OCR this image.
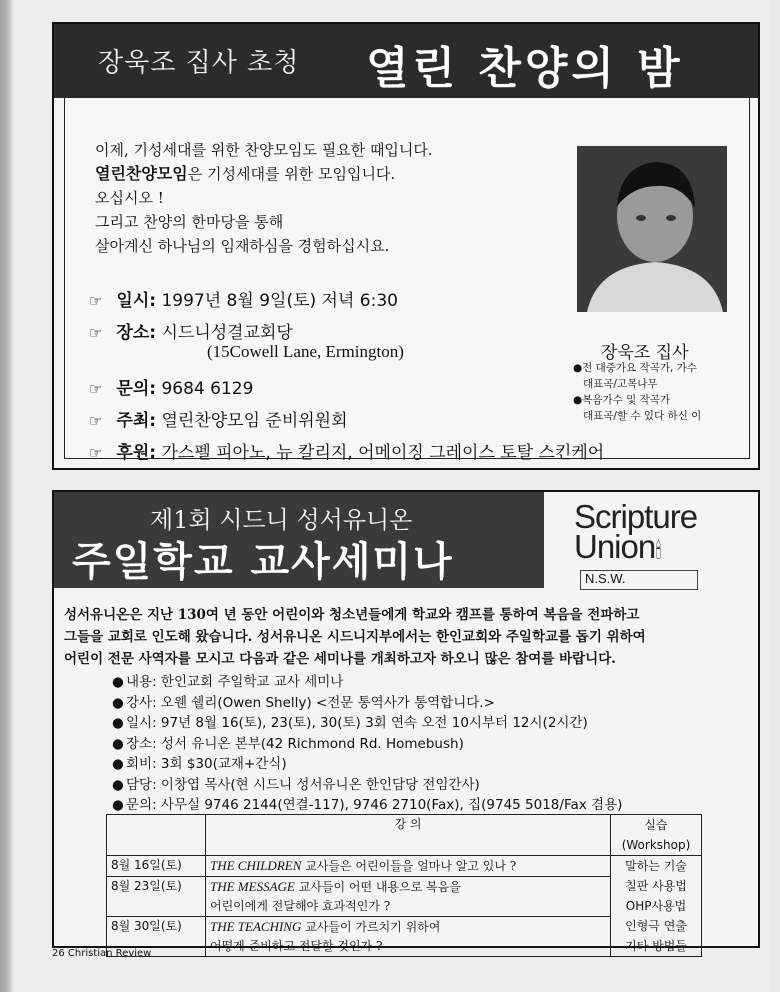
장욱조 집사 초청 열린 찬양의 밤
이제, 기성세대를 위한 찬양모임도 필요한 때입니다.
열린찬양모임은 기성세대를 위한 모임입니다.
오십시오 !
그리고 찬양의 한마당을 통해
살아계신 하나님의 임재하심을 경험하십시요.
☞ 일시: 1997년 8월 9일(토) 저녁 6:30
☞ 장소: 시드니성결교회당
(15Cowell Lane, Ermington)
☞ 문의: 9684 6129
☞ 주최: 열린찬양모임 준비위원회
☞ 후원: 가스펠 피아노, 뉴 칼리지, 어메이징 그레이스 토탈 스킨케어
장욱조 집사
●전 대중가요 작곡가, 가수
대표곡/고목나무
●복음가수 및 작곡가
대표곡/할 수 있다 하신 이
제1회 시드니 성서유니온
주일학교 교사세미나
Scripture
Union🕯
N.S.W.
성서유니온은 지난 130여 년 동안 어린이와 청소년들에게 학교와 캠프를 통하여 복음을 전파하고
그들을 교회로 인도해 왔습니다. 성서유니온 시드니지부에서는 한인교회와 주일학교를 돕기 위하여
어린이 전문 사역자를 모시고 다음과 같은 세미나를 개최하고자 하오니 많은 참여를 바랍니다.
● 내용: 한인교회 주일학교 교사 세미나
● 강사: 오웬 쉘리(Owen Shelly) <전문 통역사가 통역합니다.>
● 일시: 97년 8월 16(토), 23(토), 30(토) 3회 연속 오전 10시부터 12시(2시간)
● 장소: 성서 유니온 본부(42 Richmond Rd. Homebush)
● 회비: 3회 $30(교재+간식)
● 담당: 이창엽 목사(현 시드니 성서유니온 한인담당 전임간사)
● 문의: 사무실 9746 2144(연결-117), 9746 2710(Fax), 집(9745 5018/Fax 겸용)
	강 의	실습(Workshop)
8월 16일(토)	THE CHILDREN 교사들은 어린이들을 얼마나 알고 있나 ?	말하는 기술
칠판 사용법
OHP사용법
인형극 연출
기타 방법들

8월 23일(토)	THE MESSAGE 교사들이 어떤 내용으로 복음을
어린이에게 전달해야 효과적인가 ?	
8월 30일(토)	THE TEACHING 교사들이 가르치기 위하여
어떻게 준비하고 전달할 것인가 ?	
26 Christian Review
